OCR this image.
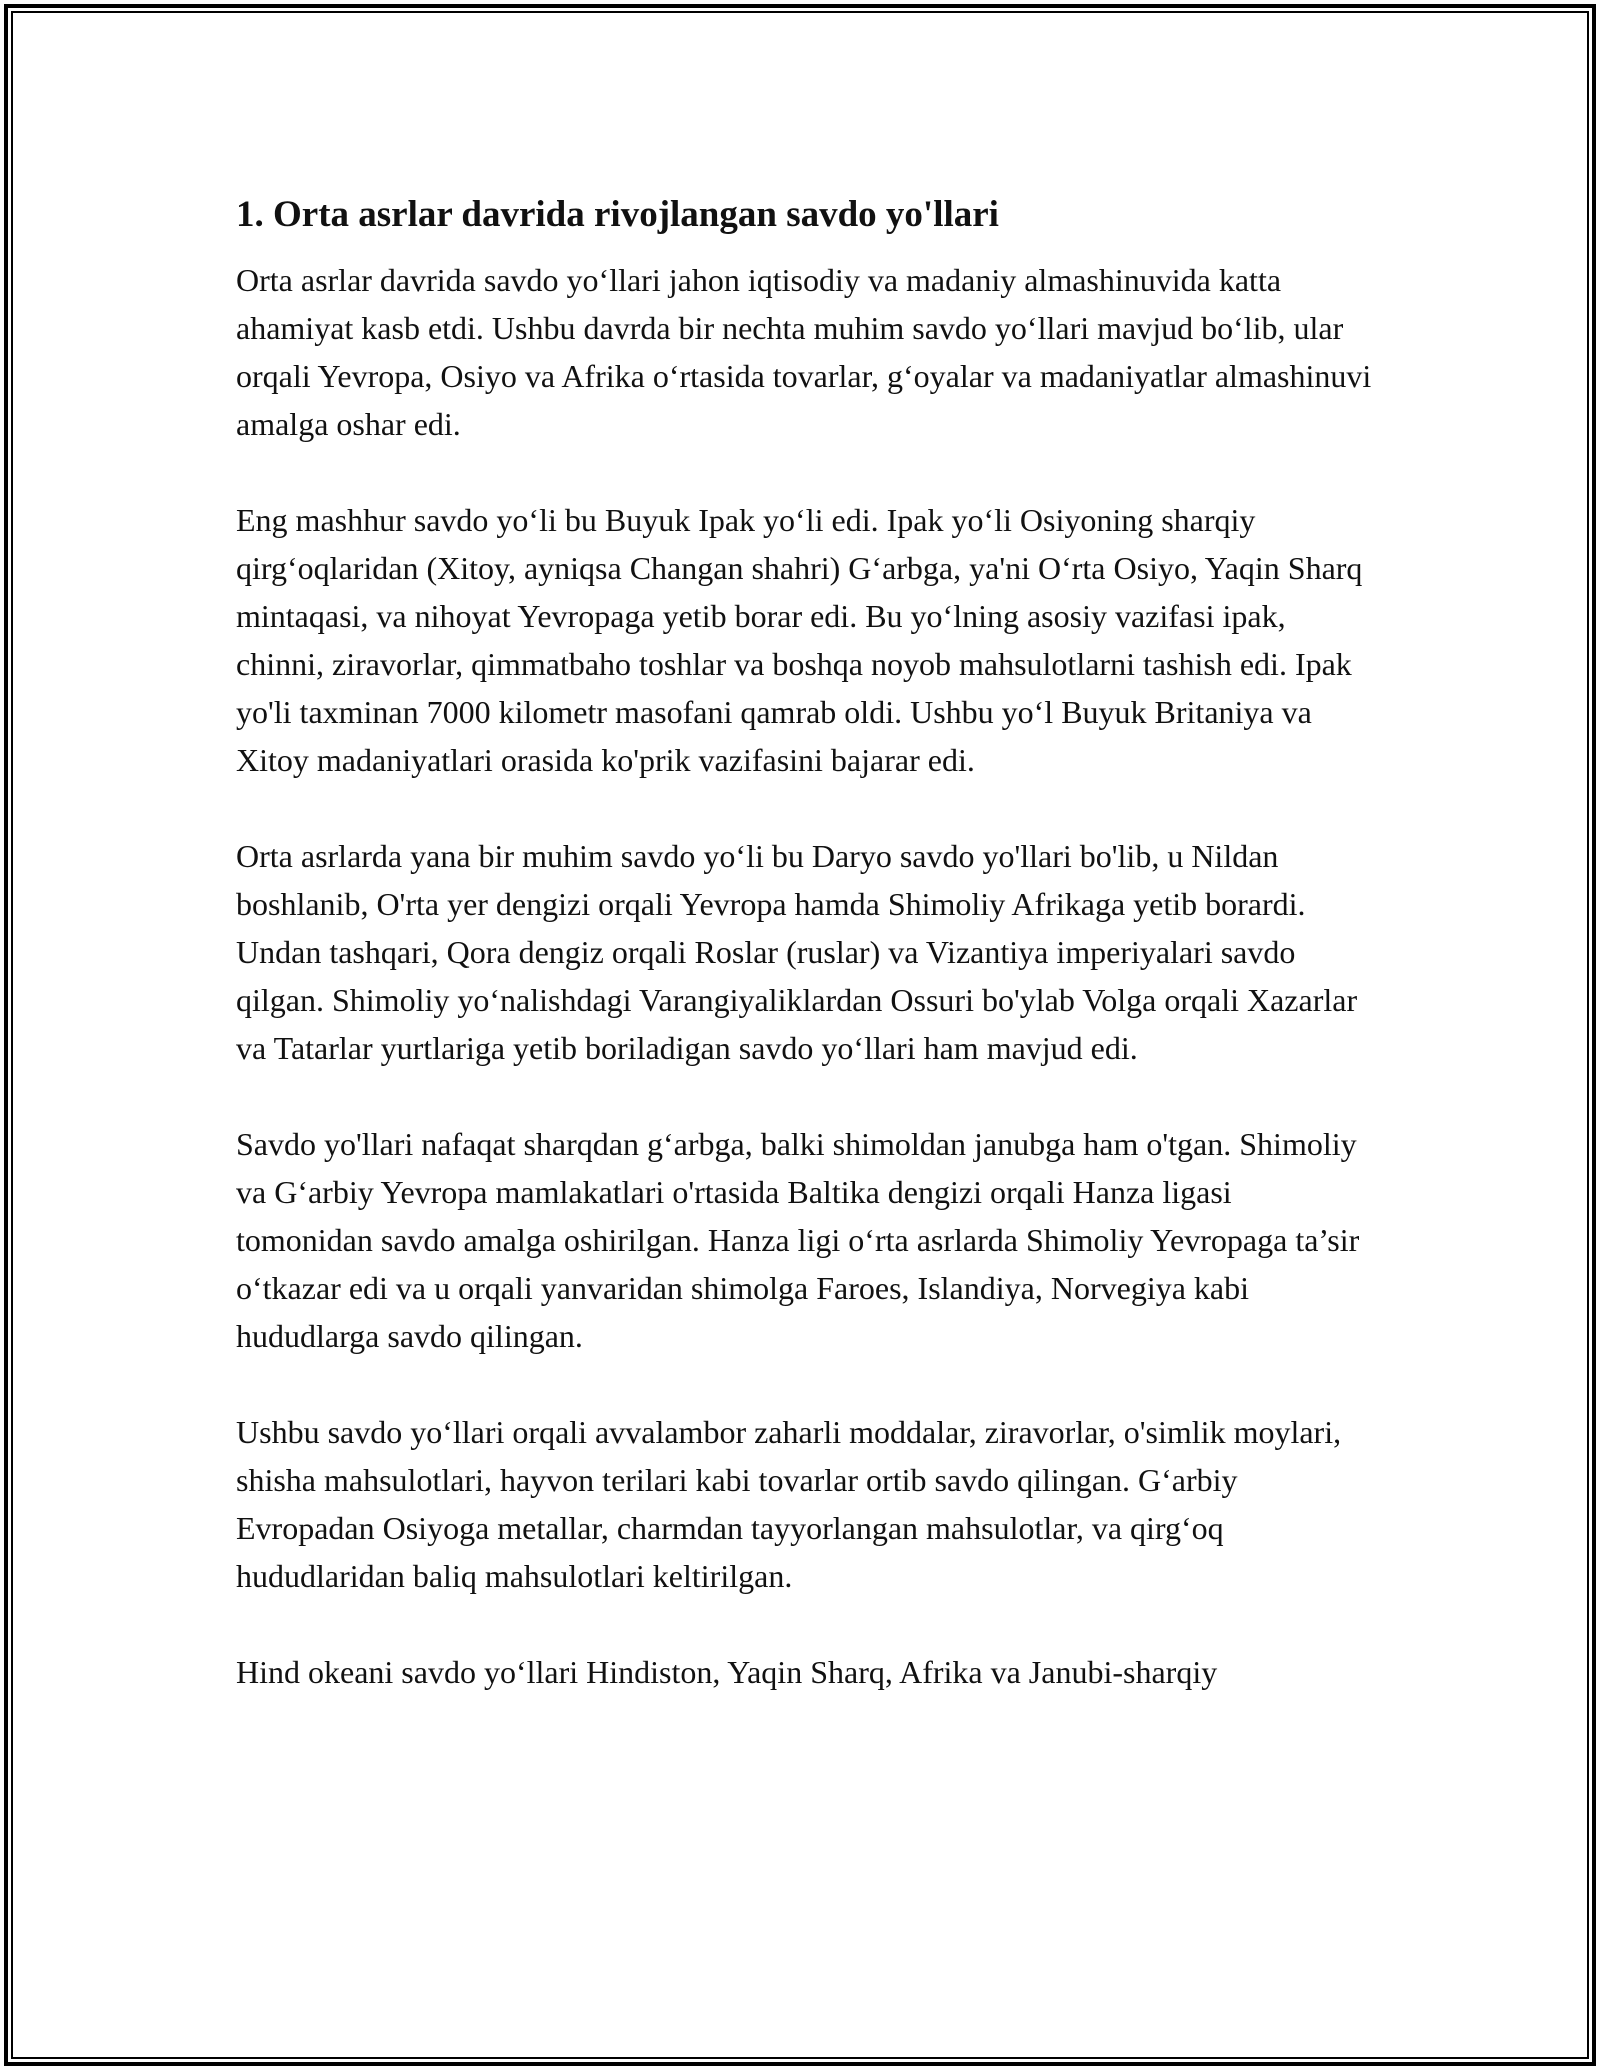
1. Orta asrlar davrida rivojlangan savdo yo'llari

Orta asrlar davrida savdo yo‘llari jahon iqtisodiy va madaniy almashinuvida katta ahamiyat kasb etdi. Ushbu davrda bir nechta muhim savdo yo‘llari mavjud bo‘lib, ular orqali Yevropa, Osiyo va Afrika o‘rtasida tovarlar, g‘oyalar va madaniyatlar almashinuvi amalga oshar edi.

Eng mashhur savdo yo‘li bu Buyuk Ipak yo‘li edi. Ipak yo‘li Osiyoning sharqiy qirg‘oqlaridan (Xitoy, ayniqsa Changan shahri) G‘arbga, ya'ni O‘rta Osiyo, Yaqin Sharq mintaqasi, va nihoyat Yevropaga yetib borar edi. Bu yo‘lning asosiy vazifasi ipak, chinni, ziravorlar, qimmatbaho toshlar va boshqa noyob mahsulotlarni tashish edi. Ipak yo'li taxminan 7000 kilometr masofani qamrab oldi. Ushbu yo‘l Buyuk Britaniya va Xitoy madaniyatlari orasida ko'prik vazifasini bajarar edi.

Orta asrlarda yana bir muhim savdo yo‘li bu Daryo savdo yo'llari bo'lib, u Nildan boshlanib, O'rta yer dengizi orqali Yevropa hamda Shimoliy Afrikaga yetib borardi. Undan tashqari, Qora dengiz orqali Roslar (ruslar) va Vizantiya imperiyalari savdo qilgan. Shimoliy yo‘nalishdagi Varangiyaliklardan Ossuri bo'ylab Volga orqali Xazarlar va Tatarlar yurtlariga yetib boriladigan savdo yo‘llari ham mavjud edi.

Savdo yo'llari nafaqat sharqdan g‘arbga, balki shimoldan janubga ham o'tgan. Shimoliy va G‘arbiy Yevropa mamlakatlari o'rtasida Baltika dengizi orqali Hanza ligasi tomonidan savdo amalga oshirilgan. Hanza ligi o‘rta asrlarda Shimoliy Yevropaga ta’sir o‘tkazar edi va u orqali yanvaridan shimolga Faroes, Islandiya, Norvegiya kabi hududlarga savdo qilingan.

Ushbu savdo yo‘llari orqali avvalambor zaharli moddalar, ziravorlar, o'simlik moylari, shisha mahsulotlari, hayvon terilari kabi tovarlar ortib savdo qilingan. G‘arbiy Evropadan Osiyoga metallar, charmdan tayyorlangan mahsulotlar, va qirg‘oq hududlaridan baliq mahsulotlari keltirilgan.

Hind okeani savdo yo‘llari Hindiston, Yaqin Sharq, Afrika va Janubi-sharqiy
